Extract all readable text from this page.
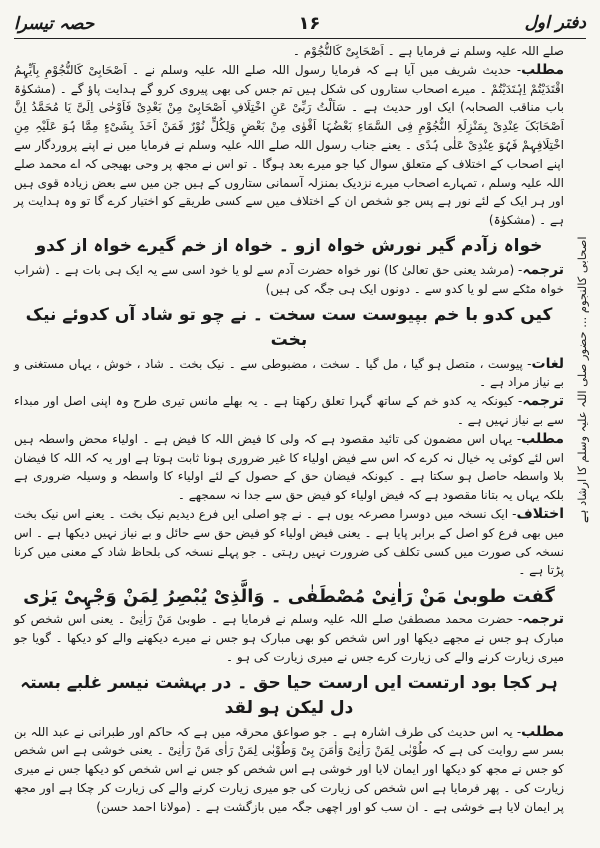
دفتر اول
۱۶
حصہ تیسرا
اصحابی کالنجوم ... حضور صلی اللہ علیہ وسلم کا ارشاد ہے

صلے اللہ علیہ وسلم نے فرمایا ہے ۔ اَصْحَابِیْ کَالنُّجُوْم ۔

مطلب- حدیث شریف میں آیا ہے کہ فرمایا رسول اللہ صلے اللہ علیہ وسلم نے ۔ اَصْحَابِیْ کَالنُّجُوْمِ بِاَیِّہِمُ اقْتَدَیْتُمْ اِہْتَدَیْتُمْ ۔ میرے اصحاب ستاروں کی شکل ہیں تم جس کی بھی پیروی کرو گے ہدایت پاؤ گے ۔ (مشکوٰۃ باب مناقب الصحابہ) ایک اور حدیث ہے ۔ سَاَلْتُ رَبِّیْ عَنِ اخْتِلَافِ اَصْحَابِیْ مِنْ بَعْدِیْ فَاَوْحٰی اِلَیَّ یَا مُحَمَّدُ اِنَّ اَصْحَابَکَ عِنْدِیْ بِمَنْزِلَۃِ النُّجُوْمِ فِی السَّمَاءِ بَعْضُہَا اَقْوٰی مِنْ بَعْضٍ وَلِکُلٍّ نُوْرٌ فَمَنْ اَخَذَ بِشَیْءٍ مِمَّا ہُوَ عَلَیْہِ مِنِ اخْتِلَافِہِمْ فَہُوَ عِنْدِیْ عَلٰی ہُدًی ۔ یعنے جناب رسول اللہ صلے اللہ علیہ وسلم نے فرمایا میں نے اپنے پروردگار سے اپنے اصحاب کے اختلاف کے متعلق سوال کیا جو میرے بعد ہوگا ۔ تو اس نے مجھ پر وحی بھیجی کہ اے محمد صلے اللہ علیہ وسلم ، تمہارے اصحاب میرے نزدیک بمنزلہ آسمانی ستاروں کے ہیں جن میں سے بعض زیادہ قوی ہیں اور ہر ایک کے لئے نور ہے پس جو شخص ان کے اختلاف میں سے کسی طریقے کو اختیار کرے گا تو وہ ہدایت پر ہے ۔ (مشکوٰۃ)

خواہ زآدم گیر نورش خواہ ازو ۔ خواہ از خم گیرے خواہ از کدو

ترجمہ- (مرشد یعنی حق تعالیٰ کا) نور خواہ حضرت آدم سے لو یا خود اسی سے یہ ایک ہی بات ہے ۔ (شراب خواہ مٹکے سے لو یا کدو سے ۔ دونوں ایک ہی جگہ کی ہیں)

کیں کدو با خم بپیوست ست سخت ۔ نے چو تو شاد آں کدوئے نیک بخت

لغات- پیوست ، متصل ہو گیا ، مل گیا ۔ سخت ، مضبوطی سے ۔ نیک بخت ۔ شاد ، خوش ، یہاں مستغنی و بے نیاز مراد ہے ۔

ترجمہ- کیونکہ یہ کدو خم کے ساتھ گہرا تعلق رکھتا ہے ۔ یہ بھلے مانس تیری طرح وہ اپنی اصل اور مبداء سے بے نیاز نہیں ہے ۔

مطلب- یہاں اس مضمون کی تائید مقصود ہے کہ ولی کا فیض اللہ کا فیض ہے ۔ اولیاء محض واسطہ ہیں اس لئے کوئی یہ خیال نہ کرے کہ اس سے فیض اولیاء کا غیر ضروری ہونا ثابت ہوتا ہے اور یہ کہ اللہ کا فیضان بلا واسطہ حاصل ہو سکتا ہے ۔ کیونکہ فیضان حق کے حصول کے لئے اولیاء کا واسطہ و وسیلہ ضروری ہے بلکہ یہاں یہ بتانا مقصود ہے کہ فیض اولیاء کو فیض حق سے جدا نہ سمجھے ۔

اختلاف- ایک نسخہ میں دوسرا مصرعہ یوں ہے ۔ نے چو اصلی ایں فرع دیدیم نیک بخت ۔ یعنے اس نیک بخت میں بھی فرع کو اصل کے برابر پایا ہے ۔ یعنی فیض اولیاء کو فیض حق سے حائل و بے نیاز نہیں دیکھا ہے ۔ اس نسخہ کی صورت میں کسی تکلف کی ضرورت نہیں رہتی ۔ جو پہلے نسخہ کی بلحاظ شاد کے معنی میں کرنا پڑتا ہے ۔

گفت طوبیٰ مَنْ رَاٰنِیْ مُصْطَفٰی ۔ وَالَّذِیْ یُبْصِرُ لِمَنْ وَجْہِیْ یَرٰی

ترجمہ- حضرت محمد مصطفیٰ صلے اللہ علیہ وسلم نے فرمایا ہے ۔ طوبیٰ مَنْ رَاٰنِیْ ۔ یعنی اس شخص کو مبارک ہو جس نے مجھے دیکھا اور اس شخص کو بھی مبارک ہو جس نے میرے دیکھنے والے کو دیکھا ۔ گویا جو میری زیارت کرنے والے کی زیارت کرے جس نے میری زیارت کی ہو ۔

ہر کجا بود ارتست ایں ارست حیا حق ۔ در بہشت نیسر غلبے بستہ دل لیکن ہو لقد

مطلب- یہ اس حدیث کی طرف اشارہ ہے ۔ جو صواعق محرقہ میں ہے کہ حاکم اور طبرانی نے عبد اللہ بن بسر سے روایت کی ہے کہ طُوْبٰی لِمَنْ رَاٰنِیْ وَاٰمَنَ بِیْ وَطُوْبٰی لِمَنْ رَاٰی مَنْ رَاٰنِیْ ۔ یعنی خوشی ہے اس شخص کو جس نے مجھ کو دیکھا اور ایمان لایا اور خوشی ہے اس شخص کو جس نے اس شخص کو دیکھا جس نے میری زیارت کی ۔ پھر فرمایا ہے اس شخص کی زیارت کی جو میری زیارت کرنے والے کی زیارت کر چکا ہے اور مجھ پر ایمان لایا ہے خوشی ہے ۔ ان سب کو اور اچھی جگہ میں بازگشت ہے ۔ (مولانا احمد حسن)
